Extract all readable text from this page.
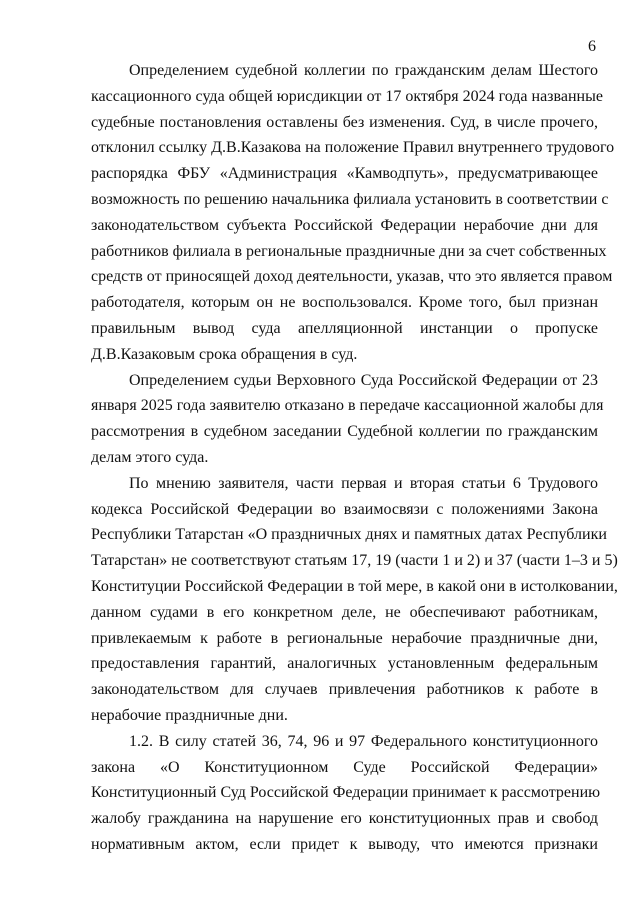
6

Определением судебной коллегии по гражданским делам Шестого
кассационного суда общей юрисдикции от 17 октября 2024 года названные
судебные постановления оставлены без изменения. Суд, в числе прочего,
отклонил ссылку Д.В.Казакова на положение Правил внутреннего трудового
распорядка ФБУ «Администрация «Камводпуть», предусматривающее
возможность по решению начальника филиала установить в соответствии с
законодательством субъекта Российской Федерации нерабочие дни для
работников филиала в региональные праздничные дни за счет собственных
средств от приносящей доход деятельности, указав, что это является правом
работодателя, которым он не воспользовался. Кроме того, был признан
правильным вывод суда апелляционной инстанции о пропуске
Д.В.Казаковым срока обращения в суд.

Определением судьи Верховного Суда Российской Федерации от 23
января 2025 года заявителю отказано в передаче кассационной жалобы для
рассмотрения в судебном заседании Судебной коллегии по гражданским
делам этого суда.

По мнению заявителя, части первая и вторая статьи 6 Трудового
кодекса Российской Федерации во взаимосвязи с положениями Закона
Республики Татарстан «О праздничных днях и памятных датах Республики
Татарстан» не соответствуют статьям 17, 19 (части 1 и 2) и 37 (части 1–3 и 5)
Конституции Российской Федерации в той мере, в какой они в истолковании,
данном судами в его конкретном деле, не обеспечивают работникам,
привлекаемым к работе в региональные нерабочие праздничные дни,
предоставления гарантий, аналогичных установленным федеральным
законодательством для случаев привлечения работников к работе в
нерабочие праздничные дни.

1.2. В силу статей 36, 74, 96 и 97 Федерального конституционного
закона «О Конституционном Суде Российской Федерации»
Конституционный Суд Российской Федерации принимает к рассмотрению
жалобу гражданина на нарушение его конституционных прав и свобод
нормативным актом, если придет к выводу, что имеются признаки
